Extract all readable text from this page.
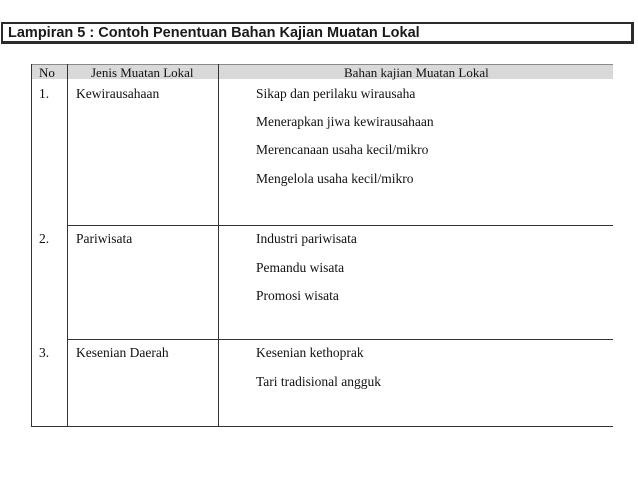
Lampiran 5 : Contoh Penentuan Bahan Kajian Muatan Lokal
No	Jenis Muatan Lokal	Bahan kajian Muatan Lokal
1. Kewirausahaan	Sikap dan perilaku wirausaha
Menerapkan jiwa kewirausahaan
Merencanaan usaha kecil/mikro
Mengelola usaha kecil/mikro
2. Pariwisata	Industri pariwisata
Pemandu wisata
Promosi wisata
3. Kesenian Daerah	Kesenian kethoprak
Tari tradisional angguk
